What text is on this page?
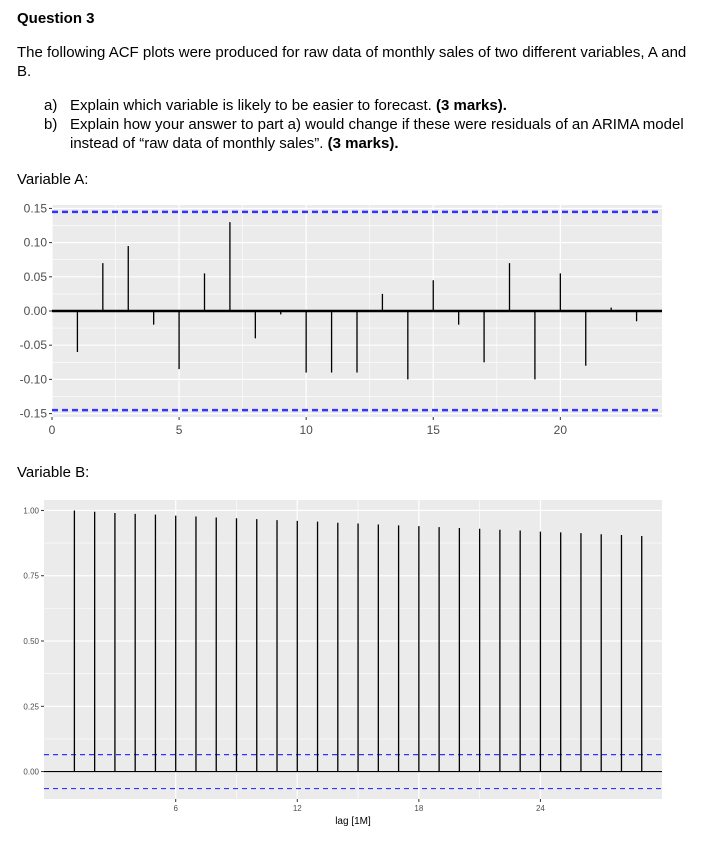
Question 3

The following ACF plots were produced for raw data of monthly sales of two different variables, A and B.

a) Explain which variable is likely to be easier to forecast. (3 marks).
b) Explain how your answer to part a) would change if these were residuals of an ARIMA model instead of “raw data of monthly sales”. (3 marks).

Variable A:

-0.15
-0.10
-0.05
0.00
0.05
0.10
0.15
0	5	10	15	20

Variable B:

0.00
0.25
0.50
0.75
1.00
6	12	18	24
lag [1M]
